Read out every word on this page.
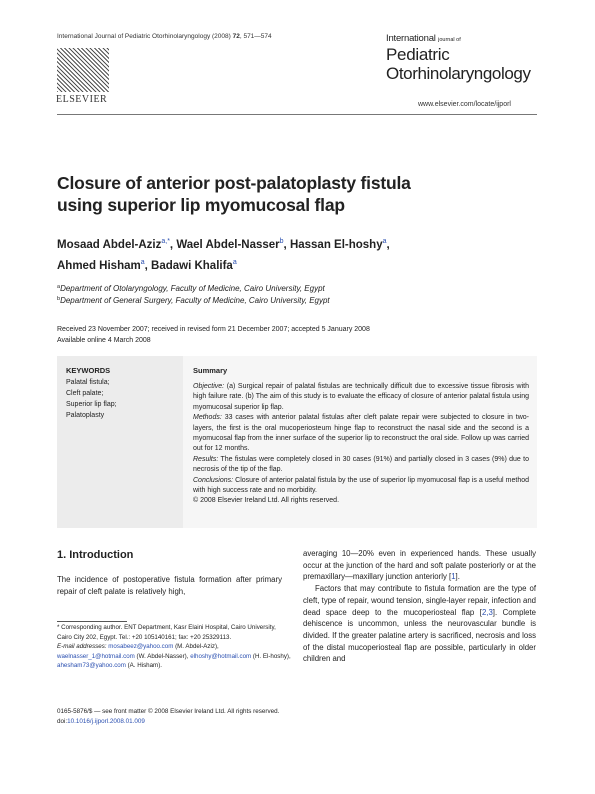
International Journal of Pediatric Otorhinolaryngology (2008) 72, 571—574
ELSEVIER
International journal of
Pediatric
Otorhinolaryngology
www.elsevier.com/locate/ijporl
Closure of anterior post-palatoplasty fistula
using superior lip myomucosal flap
Mosaad Abdel-Aziz$^{a,*}$, Wael Abdel-Nasser$^b$, Hassan El-hoshy$^a$,
Ahmed Hisham$^a$, Badawi Khalifa$^a$
$^a$Department of Otolaryngology, Faculty of Medicine, Cairo University, Egypt
$^b$Department of General Surgery, Faculty of Medicine, Cairo University, Egypt
Received 23 November 2007; received in revised form 21 December 2007; accepted 5 January 2008
Available online 4 March 2008
KEYWORDS
Palatal fistula;
Cleft palate;
Superior lip flap;
Palatoplasty
Summary

Objective: (a) Surgical repair of palatal fistulas are technically difficult due to excessive tissue fibrosis with high failure rate. (b) The aim of this study is to evaluate the efficacy of closure of anterior palatal fistula using myomucosal superior lip flap.

Methods: 33 cases with anterior palatal fistulas after cleft palate repair were subjected to closure in two-layers, the first is the oral mucoperiosteum hinge flap to reconstruct the nasal side and the second is a myomucosal flap from the inner surface of the superior lip to reconstruct the oral side. Follow up was carried out for 12 months.

Results: The fistulas were completely closed in 30 cases (91%) and partially closed in 3 cases (9%) due to necrosis of the tip of the flap.

Conclusions: Closure of anterior palatal fistula by the use of superior lip myomucosal flap is a useful method with high success rate and no morbidity.

© 2008 Elsevier Ireland Ltd. All rights reserved.

1. Introduction

The incidence of postoperative fistula formation after primary repair of cleft palate is relatively high,

averaging 10—20% even in experienced hands. These usually occur at the junction of the hard and soft palate posteriorly or at the premaxillary—maxillary junction anteriorly [1].

Factors that may contribute to fistula formation are the type of cleft, type of repair, wound tension, single-layer repair, infection and dead space deep to the mucoperiosteal flap [2,3]. Complete dehiscence is uncommon, unless the neurovascular bundle is divided. If the greater palatine artery is sacrificed, necrosis and loss of the distal mucoperiosteal flap are possible, particularly in older children and

* Corresponding author. ENT Department, Kasr Elaini Hospital, Cairo University, Cairo City 202, Egypt. Tel.: +20 105140161; fax: +20 25329113.
E-mail addresses: mosabeez@yahoo.com (M. Abdel-Aziz), waelnasser_1@hotmail.com (W. Abdel-Nasser), elhoshy@hotmail.com (H. El-hoshy), ahesham73@yahoo.com (A. Hisham).
0165-5876/$ — see front matter © 2008 Elsevier Ireland Ltd. All rights reserved.
doi:10.1016/j.ijporl.2008.01.009
